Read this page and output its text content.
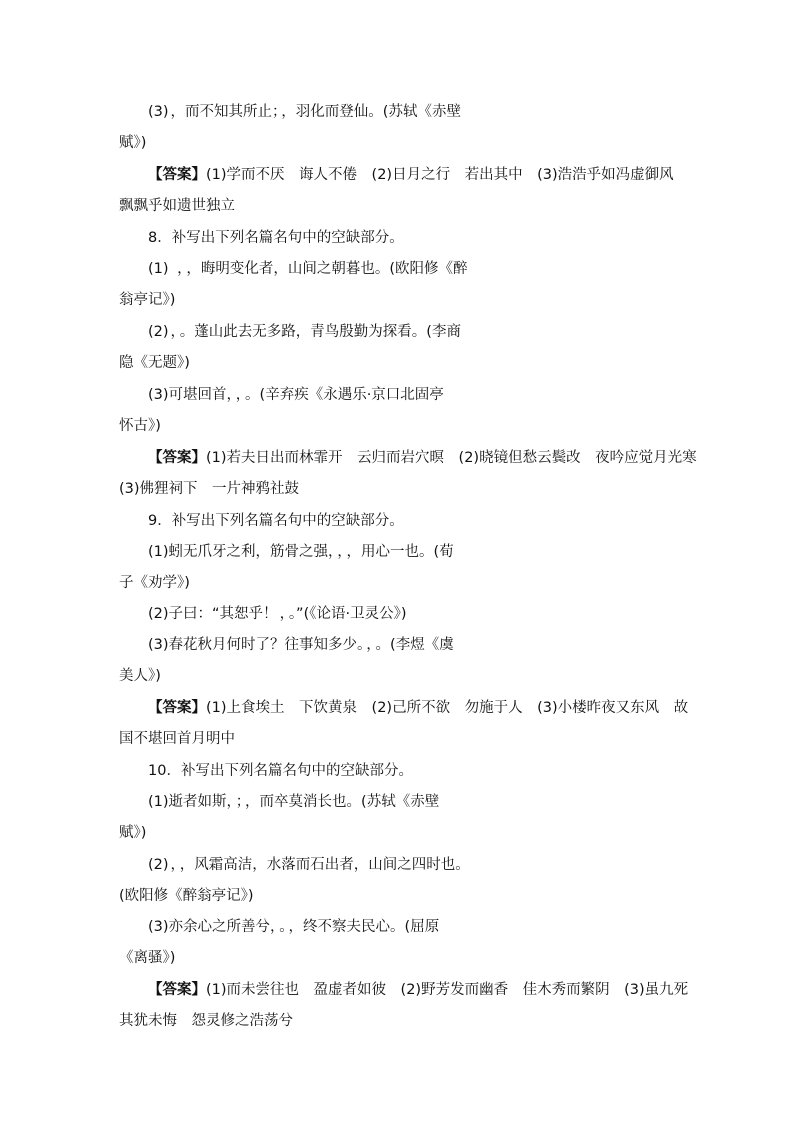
(3) ，而不知其所止； ，羽化而登仙。(苏轼《赤壁
赋》)
【答案】(1)学而不厌　诲人不倦　(2)日月之行　若出其中　(3)浩浩乎如冯虚御风
飘飘乎如遗世独立
8．补写出下列名篇名句中的空缺部分。
(1) ， ，晦明变化者，山间之朝暮也。(欧阳修《醉
翁亭记》)
(2) ， 。蓬山此去无多路，青鸟殷勤为探看。(李商
隐《无题》)
(3)可堪回首， ， 。(辛弃疾《永遇乐·京口北固亭
怀古》)
【答案】(1)若夫日出而林霏开　云归而岩穴暝　(2)晓镜但愁云鬓改　夜吟应觉月光寒
(3)佛狸祠下　一片神鸦社鼓
9．补写出下列名篇名句中的空缺部分。
(1)蚓无爪牙之利，筋骨之强， ， ，用心一也。(荀
子《劝学》)
(2)子曰：“其恕乎！ ， 。”(《论语·卫灵公》)
(3)春花秋月何时了？往事知多少。 ， 。(李煜《虞
美人》)
【答案】(1)上食埃土　下饮黄泉　(2)己所不欲　勿施于人　(3)小楼昨夜又东风　故
国不堪回首月明中
10．补写出下列名篇名句中的空缺部分。
(1)逝者如斯， ； ，而卒莫消长也。(苏轼《赤壁
赋》)
(2) ， ，风霜高洁，水落而石出者，山间之四时也。
(欧阳修《醉翁亭记》)
(3)亦余心之所善兮， 。 ，终不察夫民心。(屈原
《离骚》)
【答案】(1)而未尝往也　盈虚者如彼　(2)野芳发而幽香　佳木秀而繁阴　(3)虽九死
其犹未悔　怨灵修之浩荡兮
